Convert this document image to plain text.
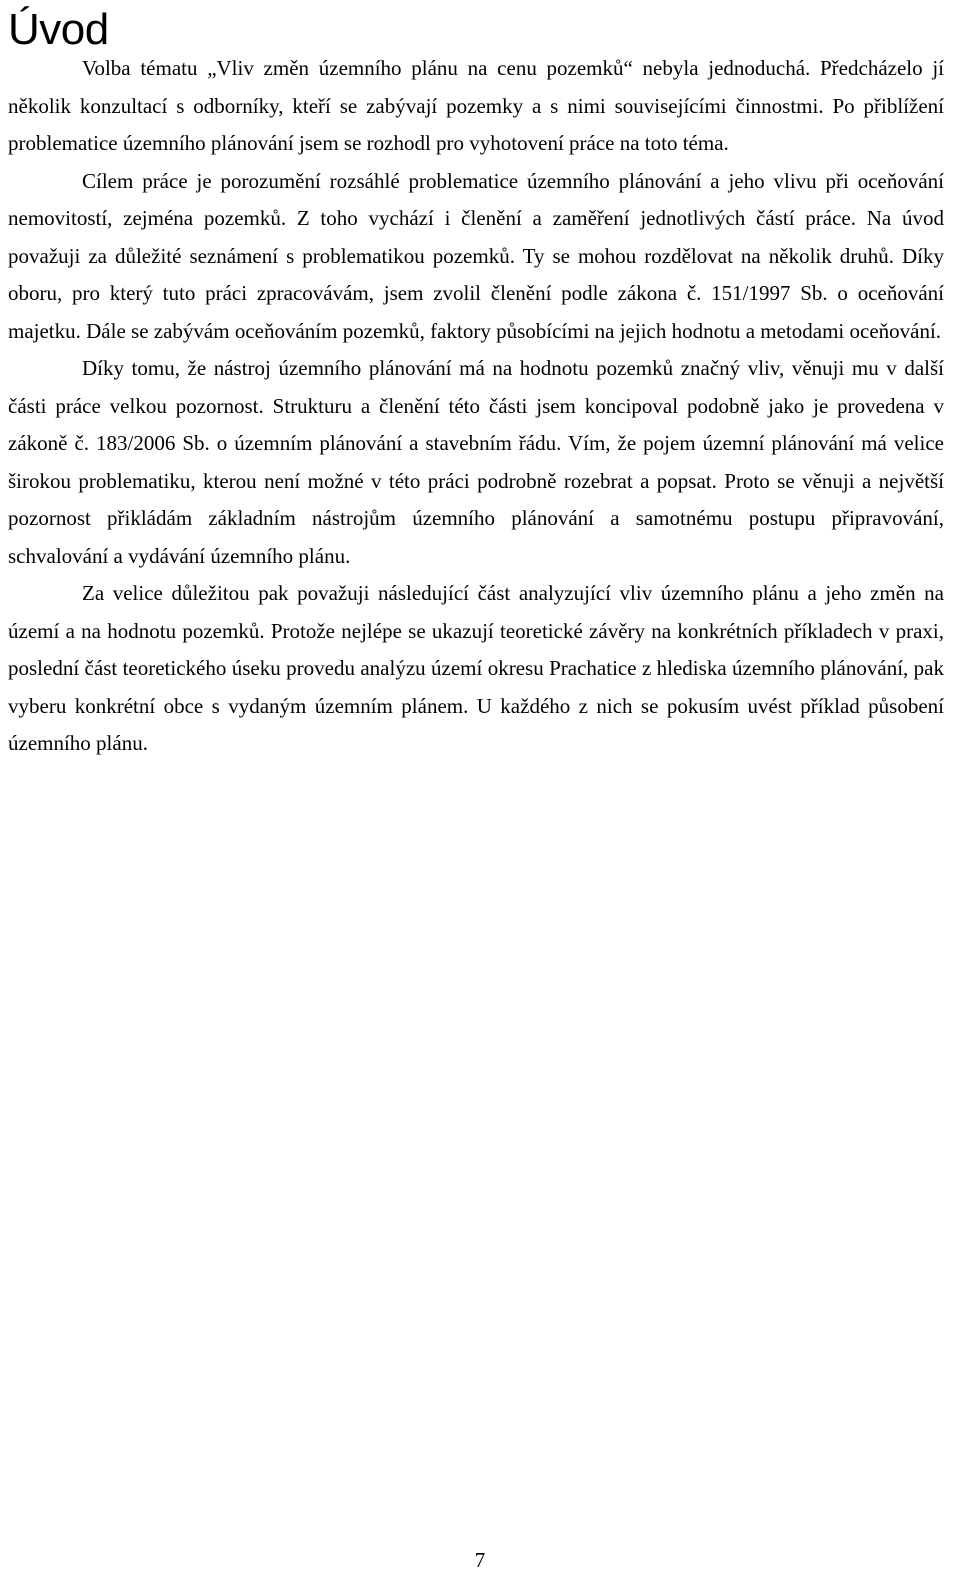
Úvod

Volba tématu „Vliv změn územního plánu na cenu pozemků“ nebyla jednoduchá. Předcházelo jí několik konzultací s odborníky, kteří se zabývají pozemky a s nimi souvisejícími činnostmi. Po přiblížení problematice územního plánování jsem se rozhodl pro vyhotovení práce na toto téma.

Cílem práce je porozumění rozsáhlé problematice územního plánování a jeho vlivu při oceňování nemovitostí, zejména pozemků. Z toho vychází i členění a zaměření jednotlivých částí práce. Na úvod považuji za důležité seznámení s problematikou pozemků. Ty se mohou rozdělovat na několik druhů. Díky oboru, pro který tuto práci zpracovávám, jsem zvolil členění podle zákona č. 151/1997 Sb. o oceňování majetku. Dále se zabývám oceňováním pozemků, faktory působícími na jejich hodnotu a metodami oceňování.

Díky tomu, že nástroj územního plánování má na hodnotu pozemků značný vliv, věnuji mu v další části práce velkou pozornost. Strukturu a členění této části jsem koncipoval podobně jako je provedena v zákoně č. 183/2006 Sb. o územním plánování a stavebním řádu. Vím, že pojem územní plánování má velice širokou problematiku, kterou není možné v této práci podrobně rozebrat a popsat. Proto se věnuji a největší pozornost přikládám základním nástrojům územního plánování a samotnému postupu připravování, schvalování a vydávání územního plánu.

Za velice důležitou pak považuji následující část analyzující vliv územního plánu a jeho změn na území a na hodnotu pozemků. Protože nejlépe se ukazují teoretické závěry na konkrétních příkladech v praxi, poslední část teoretického úseku provedu analýzu území okresu Prachatice z hlediska územního plánování, pak vyberu konkrétní obce s vydaným územním plánem. U každého z nich se pokusím uvést příklad působení územního plánu.

7
